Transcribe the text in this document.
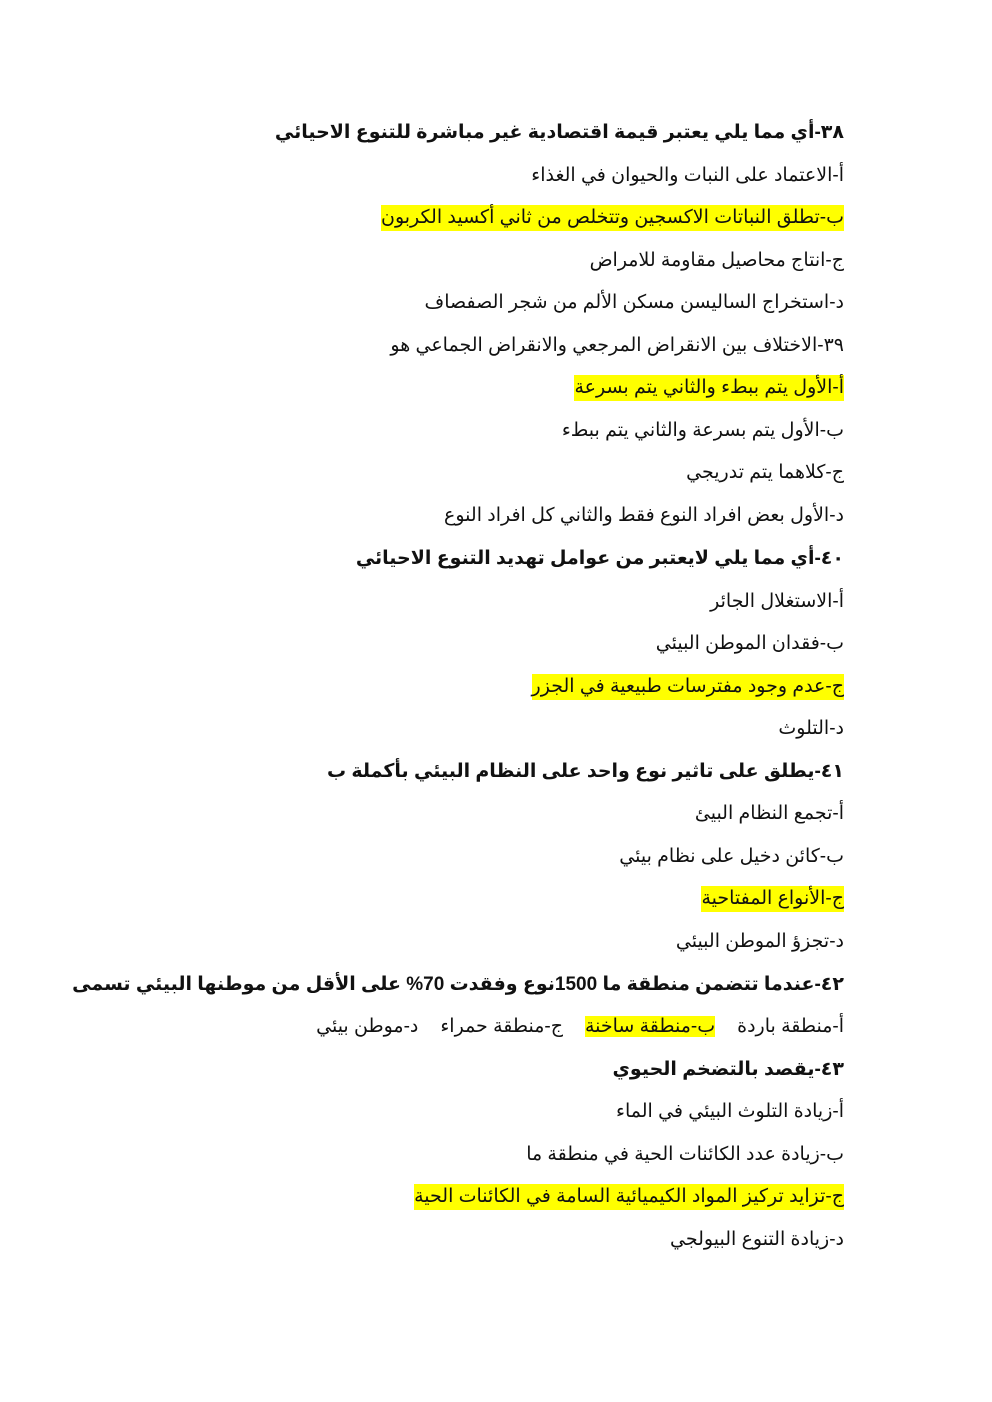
٣٨-أي مما يلي يعتبر قيمة اقتصادية غير مباشرة للتنوع الاحيائي
أ-الاعتماد على النبات والحيوان في الغذاء
ب-تطلق النباتات الاكسجين وتتخلص من ثاني أكسيد الكربون
ج-انتاج محاصيل مقاومة للامراض
د-استخراج الساليسن مسكن الألم من شجر الصفصاف
٣٩-الاختلاف بين الانقراض المرجعي والانقراض الجماعي هو
أ-الأول يتم ببطء والثاني يتم بسرعة
ب-الأول يتم بسرعة والثاني يتم ببطء
ج-كلاهما يتم تدريجي
د-الأول بعض افراد النوع فقط والثاني كل افراد النوع
٤٠-أي مما يلي لايعتبر من عوامل تهديد التنوع الاحيائي
أ-الاستغلال الجائر
ب-فقدان الموطن البيئي
ج-عدم وجود مفترسات طبيعية في الجزر
د-التلوث
٤١-يطلق على تاثير نوع واحد على النظام البيئي بأكملة ب
أ-تجمع النظام البيئ
ب-كائن دخيل على نظام بيئي
ج-الأنواع المفتاحية
د-تجزؤ الموطن البيئي
٤٢-عندما تتضمن منطقة ما 1500نوع وفقدت 70% على الأقل من موطنها البيئي تسمى
أ-منطقة باردةب-منطقة ساخنةج-منطقة حمراءد-موطن بيئي
٤٣-يقصد بالتضخم الحيوي
أ-زيادة التلوث البيئي في الماء
ب-زيادة عدد الكائنات الحية في منطقة ما
ج-تزايد تركيز المواد الكيميائية السامة في الكائنات الحية
د-زيادة التنوع البيولجي
